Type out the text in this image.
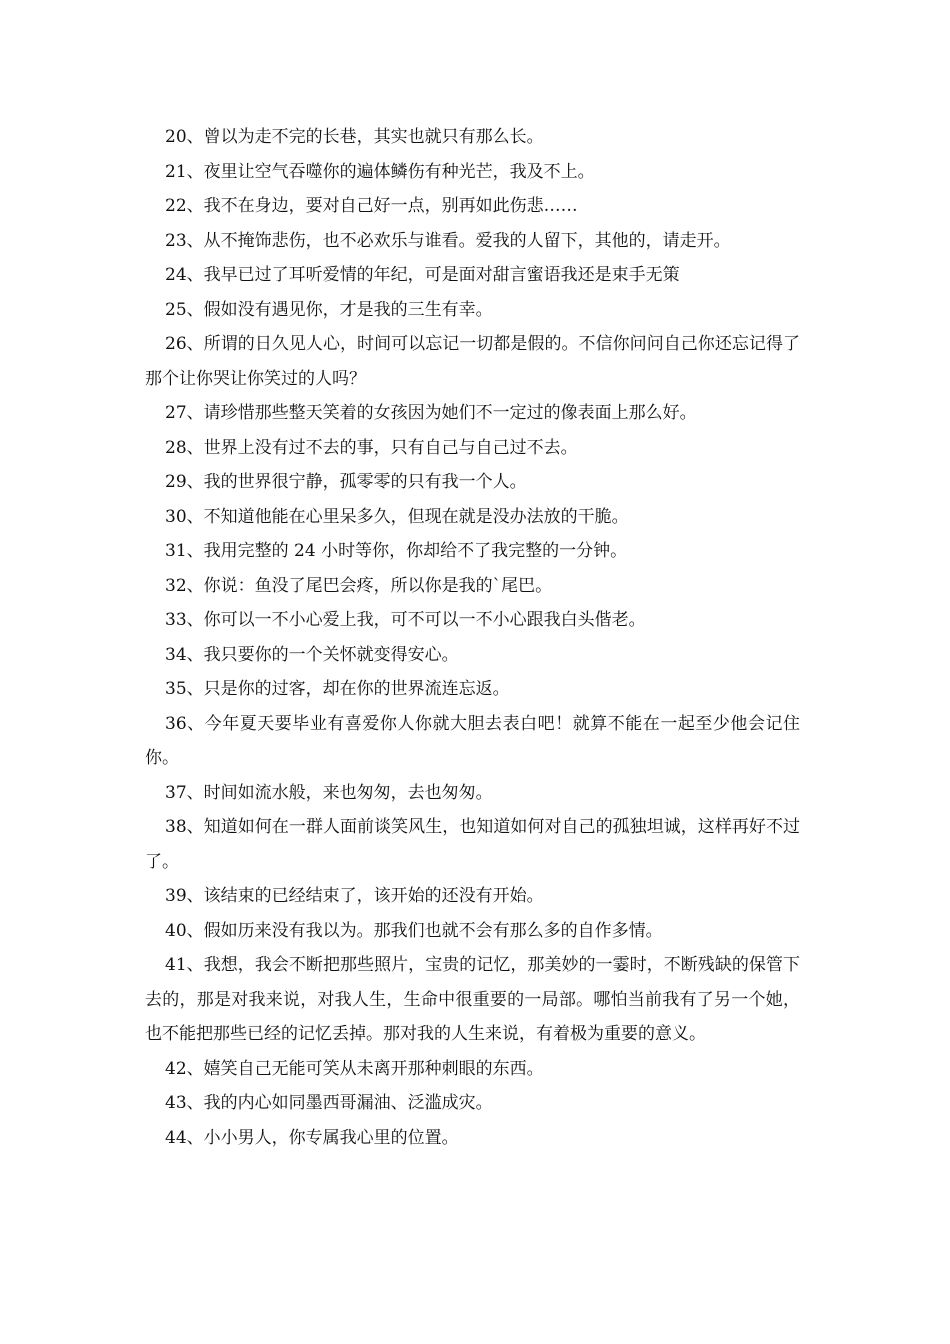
20、曾以为走不完的长巷，其实也就只有那么长。

21、夜里让空气吞噬你的遍体鳞伤有种光芒，我及不上。

22、我不在身边，要对自己好一点，别再如此伤悲……

23、从不掩饰悲伤，也不必欢乐与谁看。爱我的人留下，其他的，请走开。

24、我早已过了耳听爱情的年纪，可是面对甜言蜜语我还是束手无策

25、假如没有遇见你，才是我的三生有幸。

26、所谓的日久见人心，时间可以忘记一切都是假的。不信你问问自己你还忘记得了那个让你哭让你笑过的人吗？

27、请珍惜那些整天笑着的女孩因为她们不一定过的像表面上那么好。

28、世界上没有过不去的事，只有自己与自己过不去。

29、我的世界很宁静，孤零零的只有我一个人。

30、不知道他能在心里呆多久，但现在就是没办法放的干脆。

31、我用完整的 24 小时等你，你却给不了我完整的一分钟。

32、你说：鱼没了尾巴会疼，所以你是我的`尾巴。

33、你可以一不小心爱上我，可不可以一不小心跟我白头偕老。

34、我只要你的一个关怀就变得安心。

35、只是你的过客，却在你的世界流连忘返。

36、今年夏天要毕业有喜爱你人你就大胆去表白吧！就算不能在一起至少他会记住你。

37、时间如流水般，来也匆匆，去也匆匆。

38、知道如何在一群人面前谈笑风生，也知道如何对自己的孤独坦诚，这样再好不过了。

39、该结束的已经结束了，该开始的还没有开始。

40、假如历来没有我以为。那我们也就不会有那么多的自作多情。

41、我想，我会不断把那些照片，宝贵的记忆，那美妙的一霎时，不断残缺的保管下去的，那是对我来说，对我人生，生命中很重要的一局部。哪怕当前我有了另一个她，也不能把那些已经的记忆丢掉。那对我的人生来说，有着极为重要的意义。

42、嬉笑自己无能可笑从未离开那种刺眼的东西。

43、我的内心如同墨西哥漏油、泛滥成灾。

44、小小男人，你专属我心里的位置。
